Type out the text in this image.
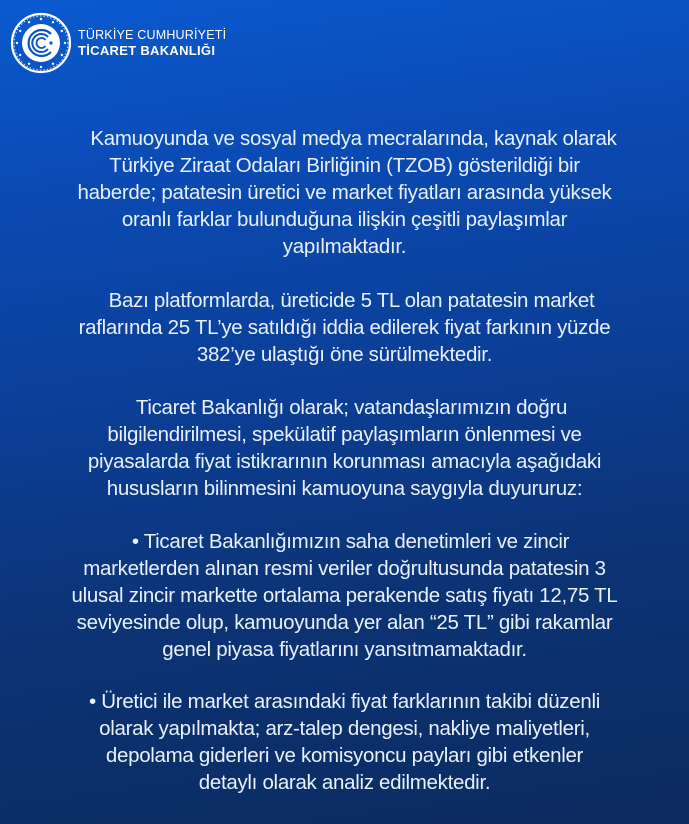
TÜRKİYE CUMHURİYETİ
TİCARET BAKANLIĞI
Kamuoyunda ve sosyal medya mecralarında, kaynak olarak
Türkiye Ziraat Odaları Birliğinin (TZOB) gösterildiği bir
haberde; patatesin üretici ve market fiyatları arasında yüksek
oranlı farklar bulunduğuna ilişkin çeşitli paylaşımlar
yapılmaktadır.
Bazı platformlarda, üreticide 5 TL olan patatesin market
raflarında 25 TL’ye satıldığı iddia edilerek fiyat farkının yüzde
382’ye ulaştığı öne sürülmektedir.
Ticaret Bakanlığı olarak; vatandaşlarımızın doğru
bilgilendirilmesi, spekülatif paylaşımların önlenmesi ve
piyasalarda fiyat istikrarının korunması amacıyla aşağıdaki
hususların bilinmesini kamuoyuna saygıyla duyururuz:
• Ticaret Bakanlığımızın saha denetimleri ve zincir
marketlerden alınan resmi veriler doğrultusunda patatesin 3
ulusal zincir markette ortalama perakende satış fiyatı 12,75 TL
seviyesinde olup, kamuoyunda yer alan “25 TL” gibi rakamlar
genel piyasa fiyatlarını yansıtmamaktadır.
• Üretici ile market arasındaki fiyat farklarının takibi düzenli
olarak yapılmakta; arz-talep dengesi, nakliye maliyetleri,
depolama giderleri ve komisyoncu payları gibi etkenler
detaylı olarak analiz edilmektedir.
